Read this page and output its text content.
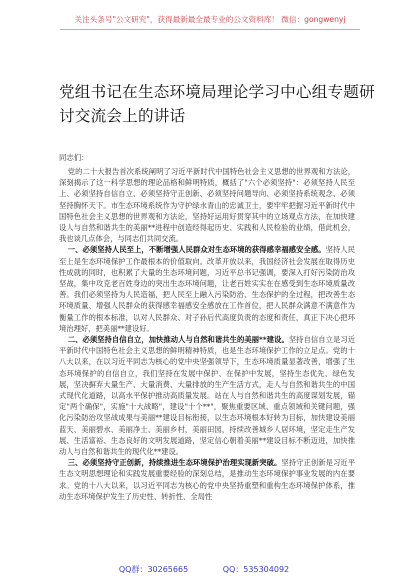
关注头条号"公文研究"，获得最新最全最专业的公文资料库！ 微信：gongwenyj
党组书记在生态环境局理论学习中心组专题研讨交流会上的讲话

同志们：

党的二十大报告首次系统阐明了习近平新时代中国特色社会主义思想的世界观和方法论，深刻揭示了这一科学思想的理论品格和鲜明特质，概括了"六个必须坚持"：必须坚持人民至上、必须坚持自信自立、必须坚持守正创新、必须坚持问题导向、必须坚持系统观念、必须坚持胸怀天下。市生态环境系统作为守护绿水青山的忠诚卫士，要牢牢把握习近平新时代中国特色社会主义思想的世界观和方法论，坚持好运用好贯穿其中的立场观点方法，在加快建设人与自然和谐共生的美丽**进程中创造经得起历史、实践和人民检验的业绩，借此机会，我也谈几点体会，与同志们共同交流。

一、必须坚持人民至上，不断增强人民群众对生态环境的获得感幸福感安全感。坚持人民至上是生态环境保护工作最根本的价值取向。改革开放以来，我国经济社会发展在取得历史性成就的同时，也积累了大量的生态环境问题，习近平总书记强调，要深入打好污染防治攻坚战，集中攻克老百姓身边的突出生态环境问题，让老百姓实实在在感受到生态环境质量改善。我们必须坚持为人民造福，把人民至上融入污染防治、生态保护的全过程，把改善生态环境质量、增强人民群众的获得感幸福感安全感放在工作首位，把人民群众满意不满意作为衡量工作的根本标准，以对人民群众、对子孙后代高度负责的态度和责任，真正下决心把环境治理好，把美丽**建设好。

二、必须坚持自信自立，加快推动人与自然和谐共生的美丽**建设。坚持自信自立是习近平新时代中国特色社会主义思想的鲜明精神特质，也是生态环境保护工作的立足点。党的十八大以来，在以习近平同志为核心的党中央坚强领导下，生态环境质量显著改善，增强了生态环境保护的自信自立，我们坚持在发展中保护、在保护中发展，坚持生态优先、绿色发展，坚决摒弃大量生产、大量消费、大量排放的生产生活方式，走人与自然和谐共生的中国式现代化道路，以高水平保护推动高质量发展。站在人与自然和谐共生的高度谋划发展，锚定"两个确保"，实施"十大战略"，建设"十个**"，聚焦重要区域、重点领域和关键问题，强化污染防治攻坚战成果与美丽**建设目标衔接，以生态环境根本好转为目标，加快建设美丽蓝天、美丽碧水、美丽净土、美丽乡村，美丽田园，持续改善城乡人居环境，坚定走生产发展、生活富裕、生态良好的文明发展道路，坚定信心朝着美丽**建设目标不断迈进，加快推动人与自然和谐共生的现代化**建设。

三、必须坚持守正创新，持续推进生态环境保护治理实现新突破。坚持守正创新是习近平生态文明思想理论和实践发展重要经验的深刻总结，是推动生态环境保护事业发展的内在要求。党的十八大以来，以习近平同志为核心的党中央坚持重塑和重构生态环境保护体系，推动生态环境保护发生了历史性、转折性、全局性

QQ群：30265665	QQ：535304092
